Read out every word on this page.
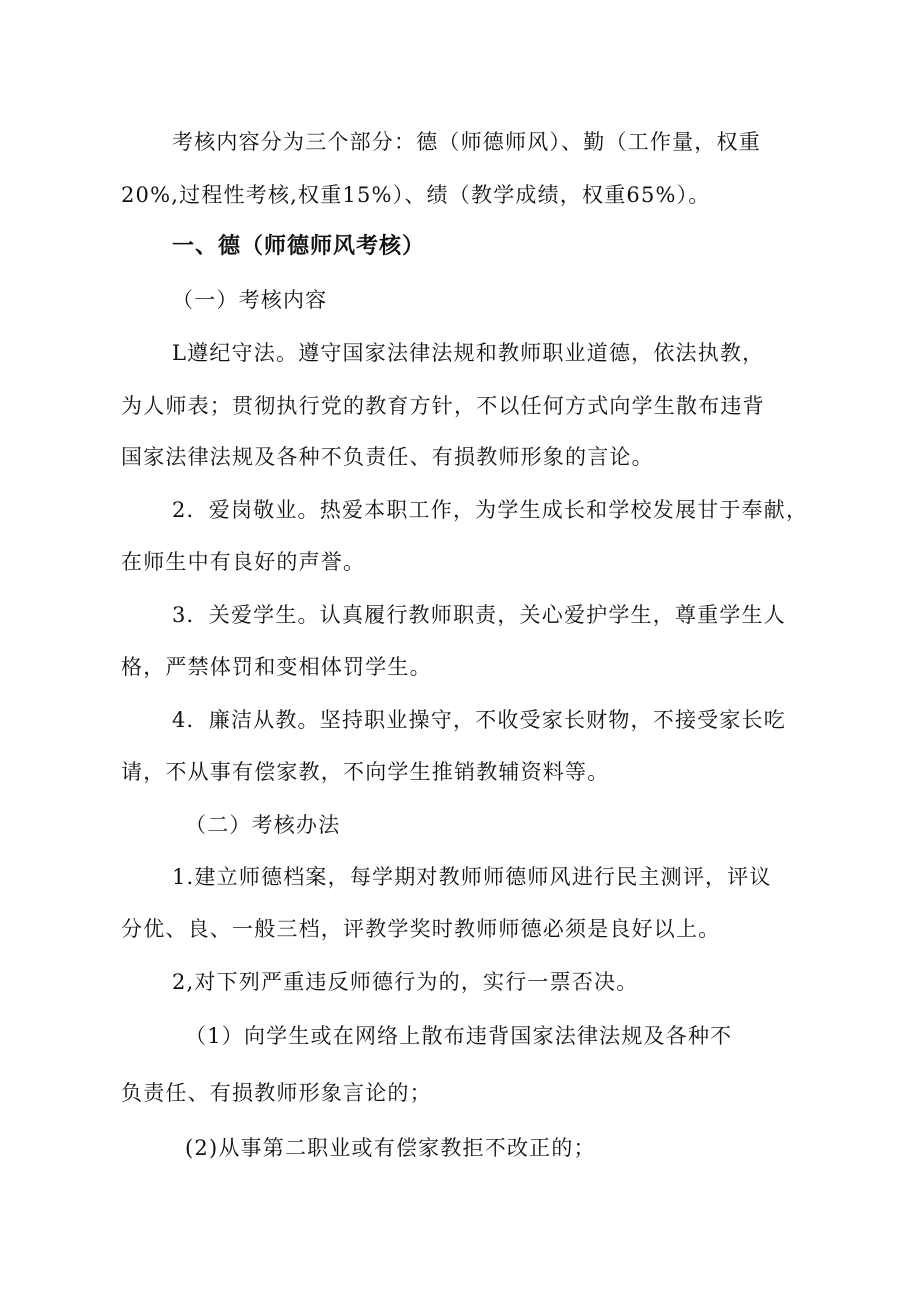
考核内容分为三个部分：德（师德师风）、勤（工作量，权重
20%,过程性考核,权重15%）、绩（教学成绩，权重65%）。
一、德（师德师风考核）
（一）考核内容
L遵纪守法。遵守国家法律法规和教师职业道德，依法执教，
为人师表；贯彻执行党的教育方针，不以任何方式向学生散布违背
国家法律法规及各种不负责任、有损教师形象的言论。
2．爱岗敬业。热爱本职工作，为学生成长和学校发展甘于奉献，
在师生中有良好的声誉。
3．关爱学生。认真履行教师职责，关心爱护学生，尊重学生人
格，严禁体罚和变相体罚学生。
4．廉洁从教。坚持职业操守，不收受家长财物，不接受家长吃
请，不从事有偿家教，不向学生推销教辅资料等。
（二）考核办法
1.建立师德档案，每学期对教师师德师风进行民主测评，评议
分优、良、一般三档，评教学奖时教师师德必须是良好以上。
2,对下列严重违反师德行为的，实行一票否决。
（1）向学生或在网络上散布违背国家法律法规及各种不
负责任、有损教师形象言论的；
(2)从事第二职业或有偿家教拒不改正的；
